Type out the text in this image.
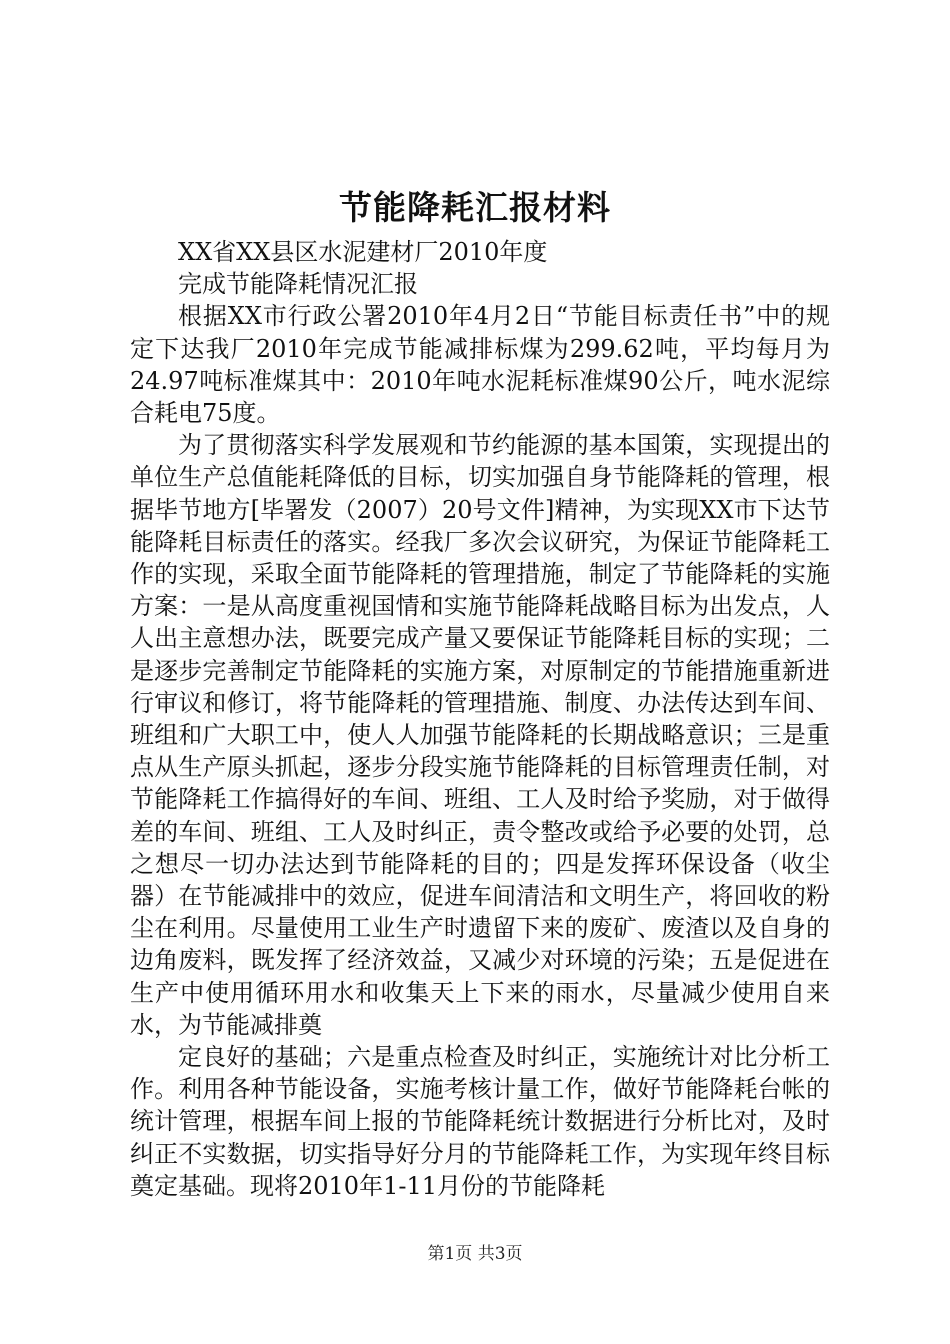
节能降耗汇报材料

XX省XX县区水泥建材厂2010年度

完成节能降耗情况汇报

根据XX市行政公署2010年4月2日“节能目标责任书”中的规定下达我厂2010年完成节能减排标煤为299.62吨，平均每月为24.97吨标准煤其中：2010年吨水泥耗标准煤90公斤，吨水泥综合耗电75度。

为了贯彻落实科学发展观和节约能源的基本国策，实现提出的单位生产总值能耗降低的目标，切实加强自身节能降耗的管理，根据毕节地方[毕署发（2007）20号文件]精神，为实现XX市下达节能降耗目标责任的落实。经我厂多次会议研究，为保证节能降耗工作的实现，采取全面节能降耗的管理措施，制定了节能降耗的实施方案：一是从高度重视国情和实施节能降耗战略目标为出发点，人人出主意想办法，既要完成产量又要保证节能降耗目标的实现；二是逐步完善制定节能降耗的实施方案，对原制定的节能措施重新进行审议和修订，将节能降耗的管理措施、制度、办法传达到车间、班组和广大职工中，使人人加强节能降耗的长期战略意识；三是重点从生产原头抓起，逐步分段实施节能降耗的目标管理责任制，对节能降耗工作搞得好的车间、班组、工人及时给予奖励，对于做得差的车间、班组、工人及时纠正，责令整改或给予必要的处罚，总之想尽一切办法达到节能降耗的目的；四是发挥环保设备（收尘器）在节能减排中的效应，促进车间清洁和文明生产，将回收的粉尘在利用。尽量使用工业生产时遗留下来的废矿、废渣以及自身的边角废料，既发挥了经济效益，又减少对环境的污染；五是促进在生产中使用循环用水和收集天上下来的雨水，尽量减少使用自来水，为节能减排奠

定良好的基础；六是重点检查及时纠正，实施统计对比分析工作。利用各种节能设备，实施考核计量工作，做好节能降耗台帐的统计管理，根据车间上报的节能降耗统计数据进行分析比对，及时纠正不实数据，切实指导好分月的节能降耗工作，为实现年终目标奠定基础。现将2010年1-11月份的节能降耗

第1页 共3页
